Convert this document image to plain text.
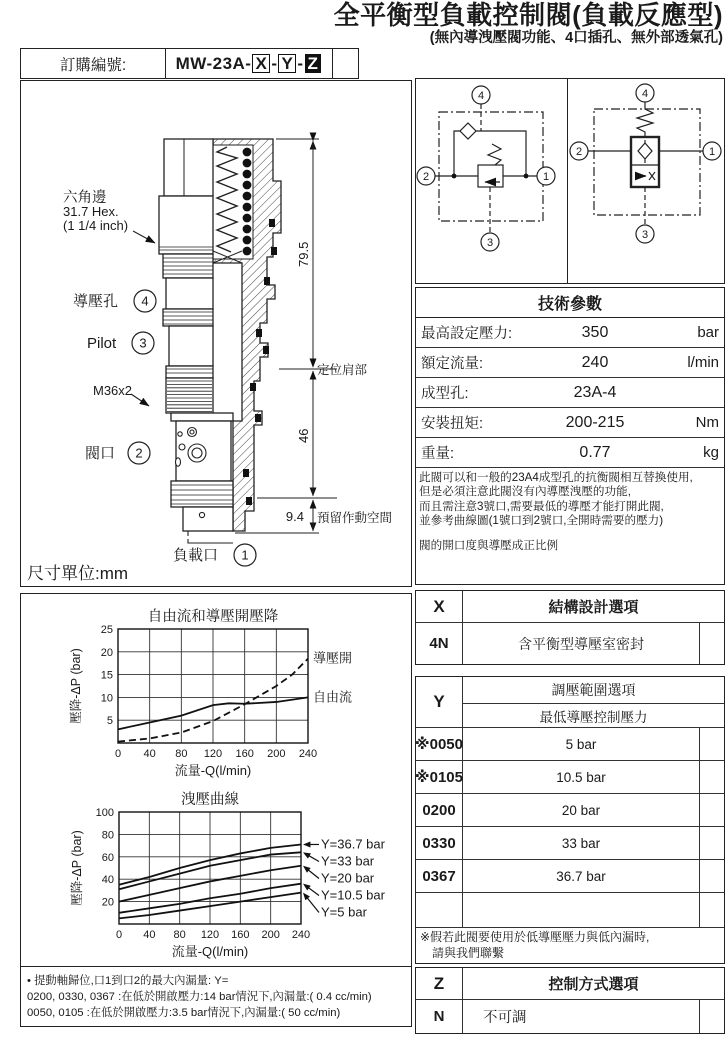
全平衡型負載控制閥(負載反應型)
(無內導洩壓閥功能、4口插孔、無外部透氣孔)
訂購編號:	MW-23A- X - Y - Z
79.5
46
9.4
定位肩部
預留作動空間
六角邊
31.7 Hex.
(1 1/4 inch)
導壓孔 4
Pilot 3
M36x2
閥口 2
負載口 1
尺寸單位:mm
4
2	1
3
4
2	1
3
技術參數
最高設定壓力:	350	bar
額定流量:	240	l/min
成型孔:	23A-4
安裝扭矩:	200-215	Nm
重量:	0.77	kg
此閥可以和一般的23A4成型孔的抗衡閥相互替換使用,
但是必須注意此閥沒有內導壓洩壓的功能,
而且需注意3號口,需要最低的導壓才能打開此閥,
並參考曲線圖(1號口到2號口,全開時需要的壓力)
閥的開口度與導壓成正比例
0 40 80 120 160 200 240
5
10
15
20
25
自由流和導壓開壓降
流量-Q(l/min)
壓降-ΔP (bar)	導壓開
自由流
0 40 80 120 160 200 240
20
40
60
80
100
洩壓曲線
流量-Q(l/min)
壓降-ΔP (bar)	Y=36.7 bar
Y=33 bar
Y=20 bar
Y=10.5 bar
Y=5 bar
• 提動軸歸位,口1到口2的最大內漏量: Y=
0200, 0330, 0367 :在低於開啟壓力:14 bar情況下,內漏量:( 0.4 cc/min)
0050, 0105 :在低於開啟壓力:3.5 bar情況下,內漏量:( 50 cc/min)
X	結構設計選項
4N	含平衡型導壓室密封
Y
調壓範圍選項
最低導壓控制壓力
※0050	5 bar
※0105	10.5 bar
0200	20 bar
0330	33 bar
0367	36.7 bar
※假若此閥要使用於低導壓壓力與低內漏時,
　請與我們聯繫
Z	控制方式選項
N	不可調
